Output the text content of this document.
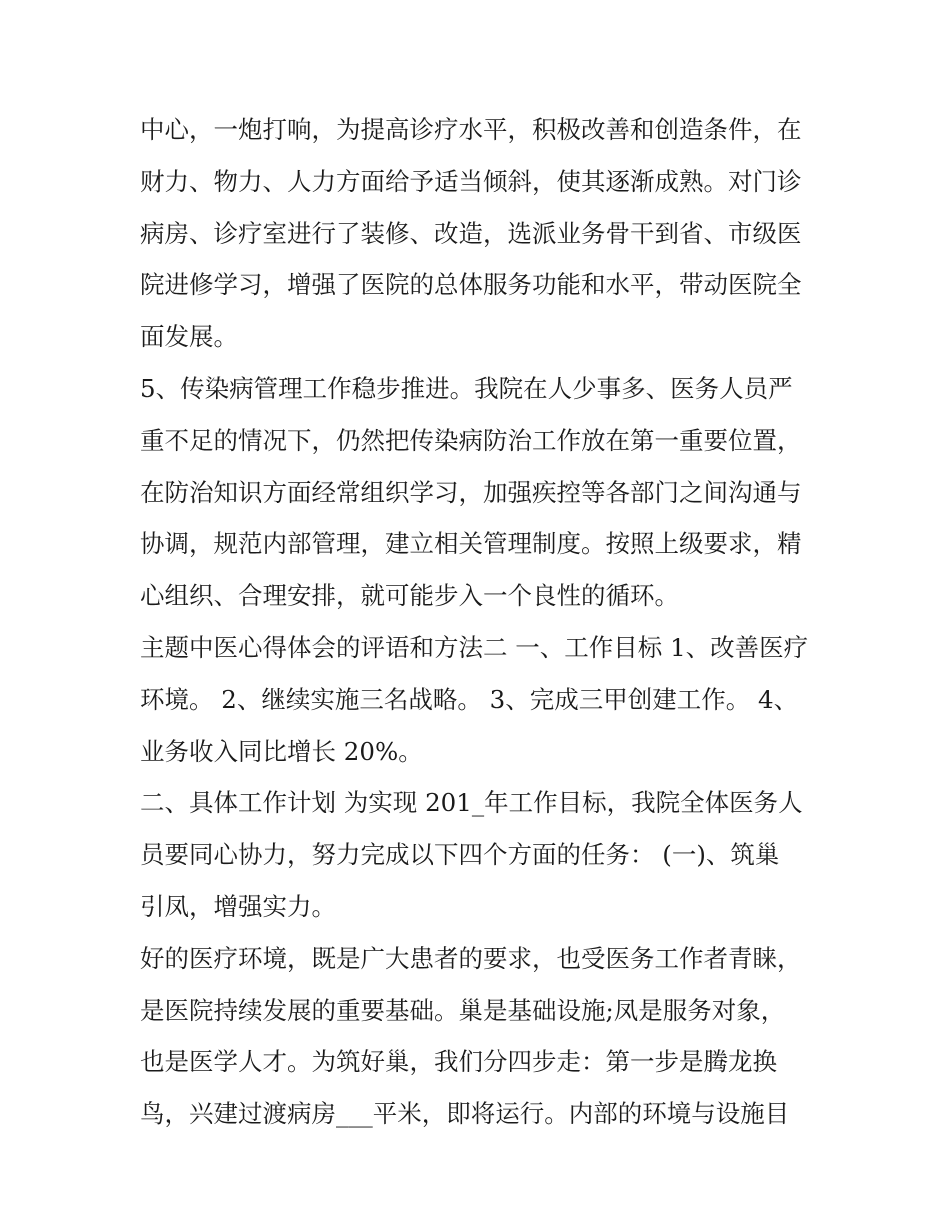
中心，一炮打响，为提高诊疗水平，积极改善和创造条件，在
财力、物力、人力方面给予适当倾斜，使其逐渐成熟。对门诊
病房、诊疗室进行了装修、改造，选派业务骨干到省、市级医
院进修学习，增强了医院的总体服务功能和水平，带动医院全
面发展。
5、传染病管理工作稳步推进。我院在人少事多、医务人员严
重不足的情况下，仍然把传染病防治工作放在第一重要位置，
在防治知识方面经常组织学习，加强疾控等各部门之间沟通与
协调，规范内部管理，建立相关管理制度。按照上级要求，精
心组织、合理安排，就可能步入一个良性的循环。
主题中医心得体会的评语和方法二 一、工作目标 1、改善医疗
环境。 2、继续实施三名战略。 3、完成三甲创建工作。 4、
业务收入同比增长 20%。
二、具体工作计划 为实现 201_年工作目标，我院全体医务人
员要同心协力，努力完成以下四个方面的任务： (一)、筑巢
引凤，增强实力。
好的医疗环境，既是广大患者的要求，也受医务工作者青睐，
是医院持续发展的重要基础。巢是基础设施;凤是服务对象，
也是医学人才。为筑好巢，我们分四步走：第一步是腾龙换
鸟，兴建过渡病房___平米，即将运行。内部的环境与设施目
